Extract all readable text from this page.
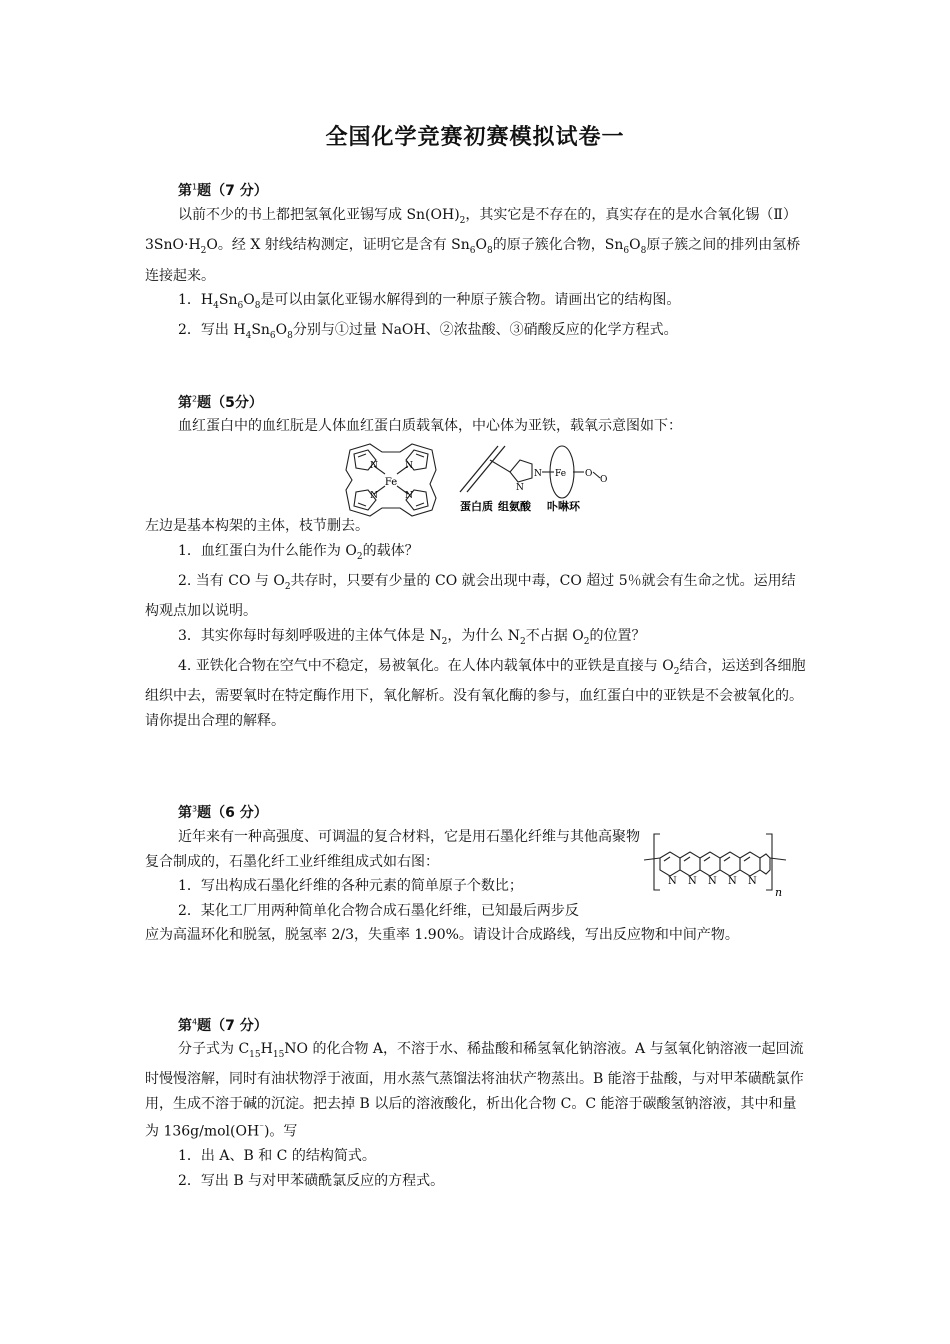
全国化学竞赛初赛模拟试卷一
第$^1$题（7 分）

以前不少的书上都把氢氧化亚锡写成 $Sn(OH)_2$，其实它是不存在的，真实存在的是水合氧化锡$(Ⅱ)3SnO\cdot H_2O$。经 X 射线结构测定，证明它是含有 $Sn_6O_8$的原子簇化合物，$Sn_6O_8$原子簇之间的排列由氢桥连接起来。

1．$H_4Sn_6O_8$是可以由氯化亚锡水解得到的一种原子簇合物。请画出它的结构图。

2．写出 $H_4Sn_6O_8$分别与①过量 NaOH、②浓盐酸、③硝酸反应的化学方程式。

第$^2$题（5分）

血红蛋白中的血红朊是人体血红蛋白质载氧体，中心体为亚铁，载氧示意图如下：

Fe
N	N
N	N
N
N Fe O
O
蛋白质 组氨酸 卟啉环

左边是基本构架的主体，枝节删去。

1．血红蛋白为什么能作为 $O_2$的载体？

2. 当有 CO 与 $O_2$共存时，只要有少量的 CO 就会出现中毒，CO 超过 5％就会有生命之忧。运用结构观点加以说明。

3．其实你每时每刻呼吸进的主体气体是 $N_2$，为什么 $N_2$不占据 $O_2$的位置？

4. 亚铁化合物在空气中不稳定，易被氧化。在人体内载氧体中的亚铁是直接与 $O_2$结合，运送到各细胞组织中去，需要氧时在特定酶作用下，氧化解析。没有氧化酶的参与，血红蛋白中的亚铁是不会被氧化的。请你提出合理的解释。

第$^3$题（6 分）

近年来有一种高强度、可调温的复合材料，它是用石墨化纤维与其他高聚物复合制成的，石墨化纤工业纤维组成式如右图：

1．写出构成石墨化纤维的各种元素的简单原子个数比；

2．某化工厂用两种简单化合物合成石墨化纤维，已知最后两步反

应为高温环化和脱氢，脱氢率 2/3，失重率 1.90%。请设计合成路线，写出反应物和中间产物。

N N N N N
n
第$^4$题（7 分）

分子式为 $C_{15}H_{15}NO$ 的化合物 A，不溶于水、稀盐酸和稀氢氧化钠溶液。A 与氢氧化钠溶液一起回流时慢慢溶解，同时有油状物浮于液面，用水蒸气蒸馏法将油状产物蒸出。B 能溶于盐酸，与对甲苯磺酰氯作用，生成不溶于碱的沉淀。把去掉 B 以后的溶液酸化，析出化合物 C。C 能溶于碳酸氢钠溶液，其中和量为 136g/mol(OH⁻)。写

1．出 A、B 和 C 的结构简式。

2．写出 B 与对甲苯磺酰氯反应的方程式。
